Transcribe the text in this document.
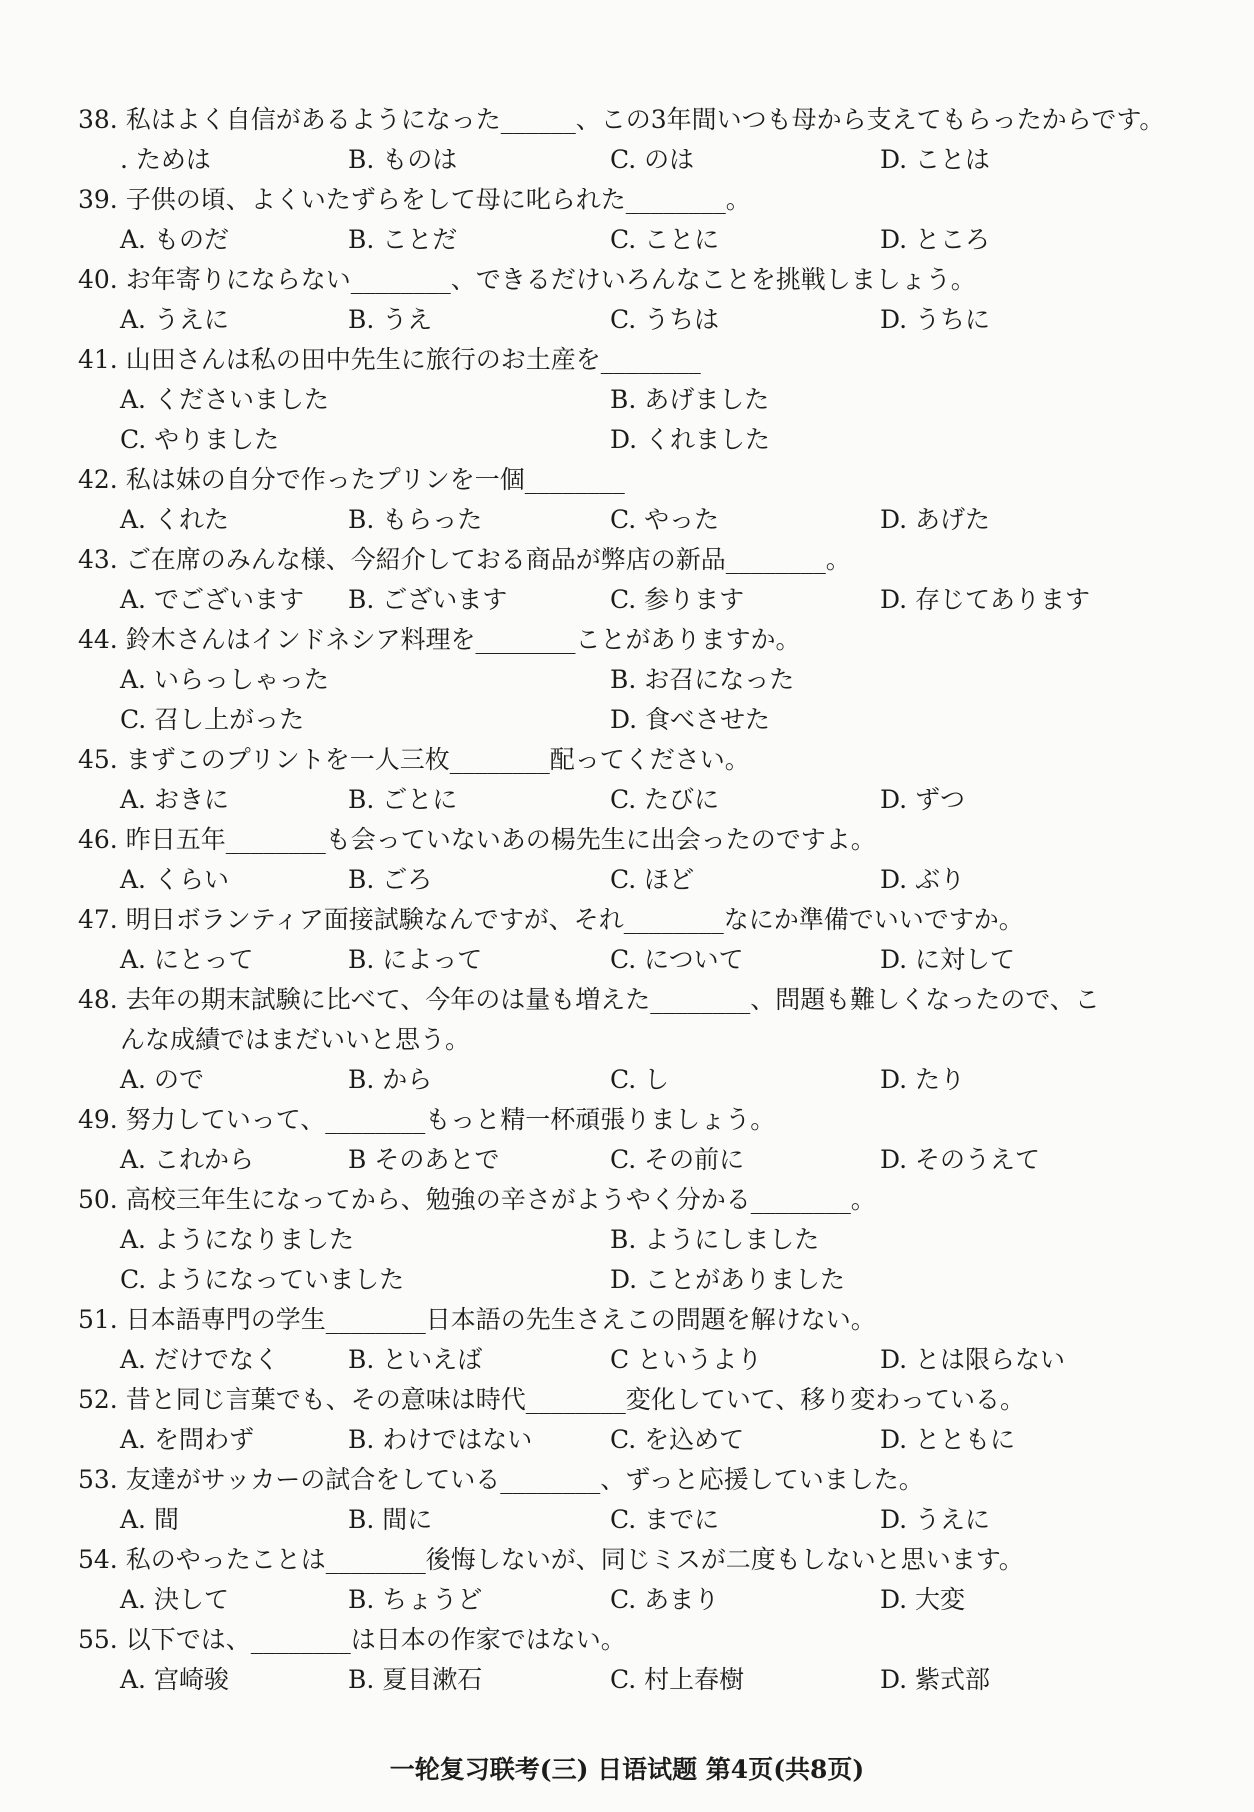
38. 私はよく自信があるようになった______、この3年間いつも母から支えてもらったからです。
. ためは	B. ものは	C. のは	D. ことは
39. 子供の頃、よくいたずらをして母に叱られた________。
A. ものだ	B. ことだ	C. ことに	D. ところ
40. お年寄りにならない________、できるだけいろんなことを挑戦しましょう。
A. うえに	B. うえ	C. うちは	D. うちに
41. 山田さんは私の田中先生に旅行のお土産を________
A. くださいました	B. あげました
C. やりました	D. くれました
42. 私は妹の自分で作ったプリンを一個________
A. くれた	B. もらった	C. やった	D. あげた
43. ご在席のみんな様、今紹介しておる商品が弊店の新品________。
A. でございます B. ございます	C. 参ります	D. 存じてあります
44. 鈴木さんはインドネシア料理を________ことがありますか。
A. いらっしゃった	B. お召になった
C. 召し上がった	D. 食べさせた
45. まずこのプリントを一人三枚________配ってください。
A. おきに	B. ごとに	C. たびに	D. ずつ
46. 昨日五年________も会っていないあの楊先生に出会ったのですよ。
A. くらい	B. ごろ	C. ほど	D. ぶり
47. 明日ボランティア面接試験なんですが、それ________なにか準備でいいですか。
A. にとって	B. によって	C. について	D. に対して
48. 去年の期末試験に比べて、今年のは量も増えた________、問題も難しくなったので、こ
んな成績ではまだいいと思う。
A. ので	B. から	C. し	D. たり
49. 努力していって、________もっと精一杯頑張りましょう。
A. これから	B そのあとで	C. その前に	D. そのうえて
50. 高校三年生になってから、勉強の辛さがようやく分かる________。
A. ようになりました	B. ようにしました
C. ようになっていました	D. ことがありました
51. 日本語専門の学生________日本語の先生さえこの問題を解けない。
A. だけでなく	B. といえば	C というより	D. とは限らない
52. 昔と同じ言葉でも、その意味は時代________変化していて、移り変わっている。
A. を問わず	B. わけではない	C. を込めて	D. とともに
53. 友達がサッカーの試合をしている________、ずっと応援していました。
A. 間	B. 間に	C. までに	D. うえに
54. 私のやったことは________後悔しないが、同じミスが二度もしないと思います。
A. 決して	B. ちょうど	C. あまり	D. 大変
55. 以下では、________は日本の作家ではない。
A. 宫崎骏	B. 夏目漱石	C. 村上春樹	D. 紫式部
一轮复习联考(三) 日语试题 第4页(共8页)
